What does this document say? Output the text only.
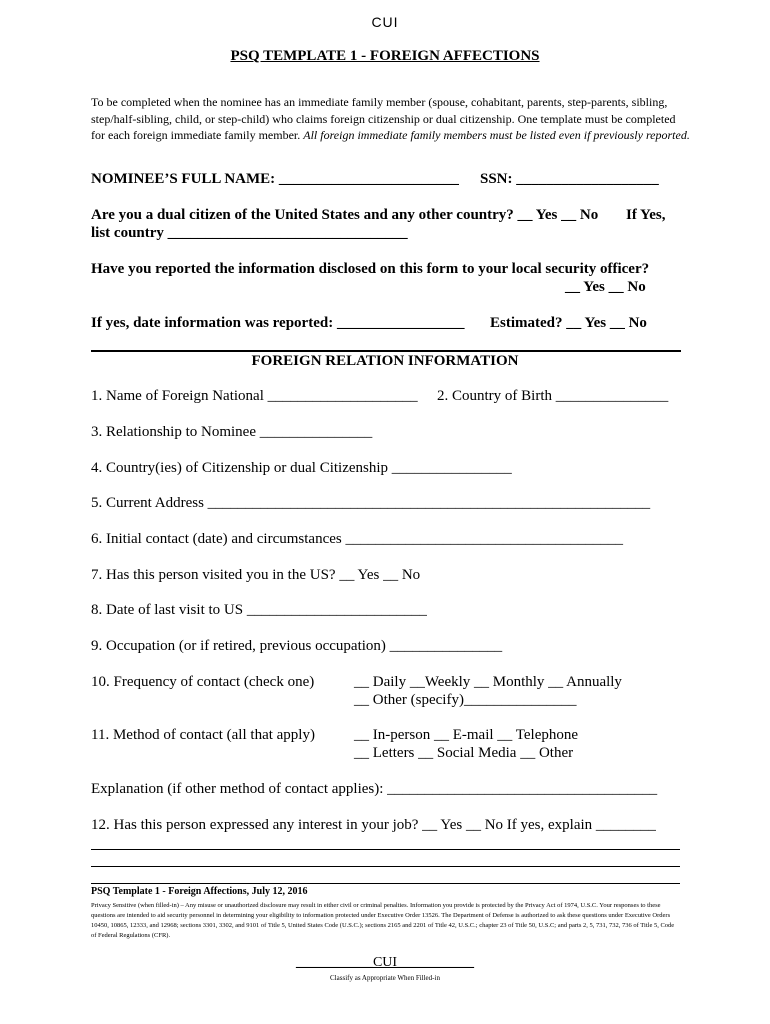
CUI
PSQ TEMPLATE 1 - FOREIGN AFFECTIONS
To be completed when the nominee has an immediate family member (spouse, cohabitant, parents, step-parents, sibling, step/half-sibling, child, or step-child) who claims foreign citizenship or dual citizenship. One template must be completed for each foreign immediate family member. All foreign immediate family members must be listed even if previously reported.
NOMINEE’S FULL NAME: ________________________ SSN: ___________________
Are you a dual citizen of the United States and any other country? __ Yes __ No If Yes,
list country ________________________________
Have you reported the information disclosed on this form to your local security officer?
__ Yes __ No
If yes, date information was reported: _________________ Estimated? __ Yes __ No
FOREIGN RELATION INFORMATION
1. Name of Foreign National ____________________ 2. Country of Birth _______________
3. Relationship to Nominee _______________
4. Country(ies) of Citizenship or dual Citizenship ________________
5. Current Address ___________________________________________________________
6. Initial contact (date) and circumstances _____________________________________
7. Has this person visited you in the US? __ Yes __ No
8. Date of last visit to US ________________________
9. Occupation (or if retired, previous occupation) _______________
10. Frequency of contact (check one)	__ Daily __Weekly __ Monthly __ Annually
__ Other (specify)_______________
11. Method of contact (all that apply)	__ In-person __ E-mail __ Telephone
__ Letters __ Social Media __ Other
Explanation (if other method of contact applies): ____________________________________
12. Has this person expressed any interest in your job? __ Yes __ No If yes, explain ________
PSQ Template 1 - Foreign Affections, July 12, 2016
Privacy Sensitive (when filled-in) – Any misuse or unauthorized disclosure may result in either civil or criminal penalties. Information you provide is protected by the Privacy Act of 1974, U.S.C. Your responses to these questions are intended to aid security personnel in determining your eligibility to information protected under Executive Order 13526. The Department of Defense is authorized to ask these questions under Executive Orders 10450, 10865, 12333, and 12968; sections 3301, 3302, and 9101 of Title 5, United States Code (U.S.C.); sections 2165 and 2201 of Title 42, U.S.C.; chapter 23 of Title 50, U.S.C; and parts 2, 5, 731, 732, 736 of Title 5, Code of Federal Regulations (CFR).
___________CUI___________
Classify as Appropriate When Filled-in
